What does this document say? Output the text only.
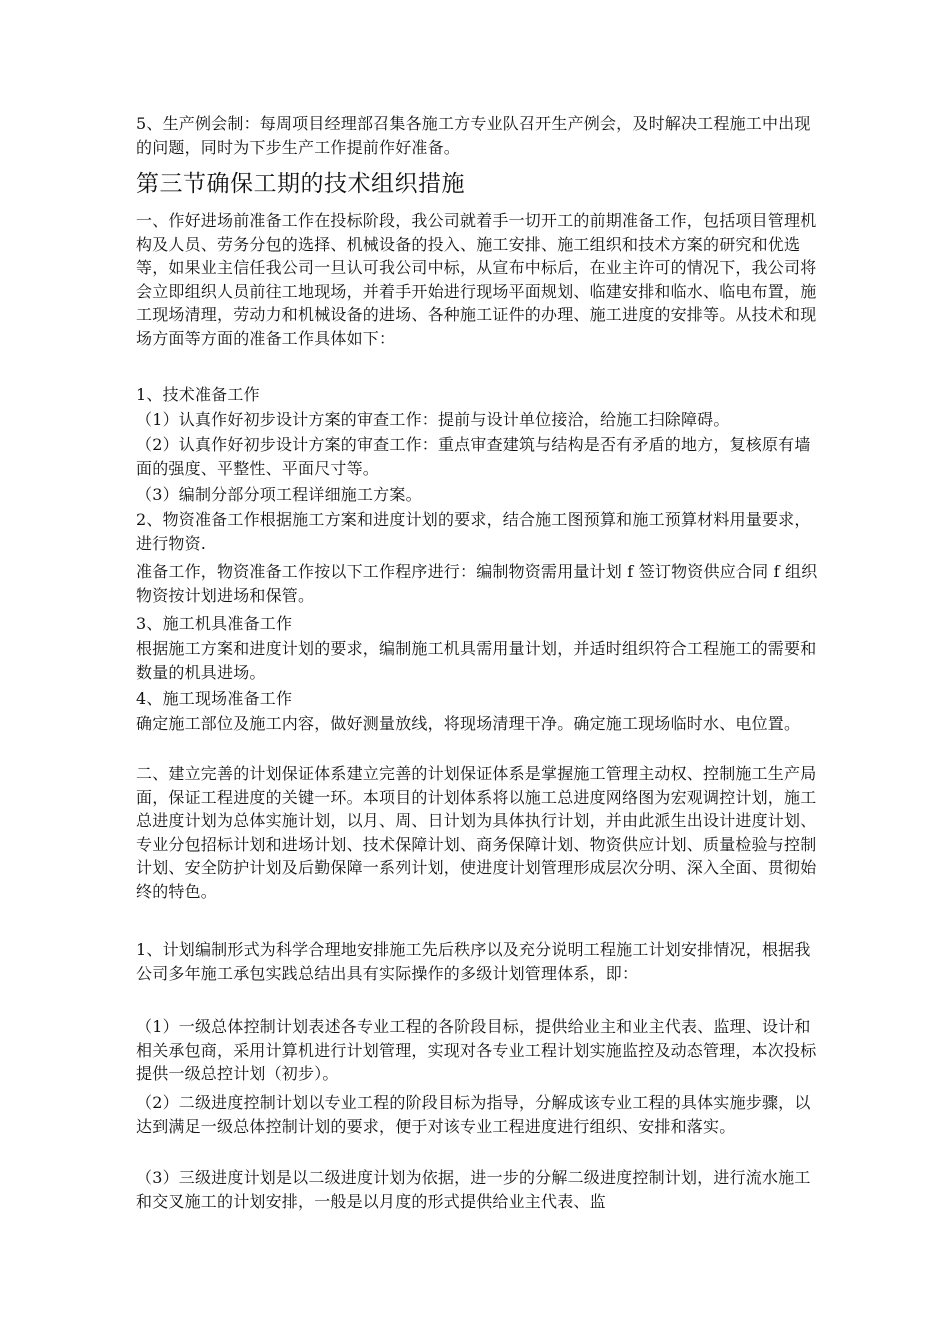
5、生产例会制：每周项目经理部召集各施工方专业队召开生产例会，及时解决工程施工中出现的问题，同时为下步生产工作提前作好准备。
第三节确保工期的技术组织措施
一、作好进场前准备工作在投标阶段，我公司就着手一切开工的前期准备工作，包括项目管理机构及人员、劳务分包的选择、机械设备的投入、施工安排、施工组织和技术方案的研究和优选等，如果业主信任我公司一旦认可我公司中标，从宣布中标后，在业主许可的情况下，我公司将会立即组织人员前往工地现场，并着手开始进行现场平面规划、临建安排和临水、临电布置，施工现场清理，劳动力和机械设备的进场、各种施工证件的办理、施工进度的安排等。从技术和现场方面等方面的准备工作具体如下：
1、技术准备工作
（1）认真作好初步设计方案的审查工作：提前与设计单位接洽，给施工扫除障碍。
（2）认真作好初步设计方案的审查工作：重点审查建筑与结构是否有矛盾的地方，复核原有墙面的强度、平整性、平面尺寸等。
（3）编制分部分项工程详细施工方案。
2、物资准备工作根据施工方案和进度计划的要求，结合施工图预算和施工预算材料用量要求，进行物资.
准备工作，物资准备工作按以下工作程序进行：编制物资需用量计划 f 签订物资供应合同 f 组织物资按计划进场和保管。
3、施工机具准备工作
根据施工方案和进度计划的要求，编制施工机具需用量计划，并适时组织符合工程施工的需要和数量的机具进场。
4、施工现场准备工作
确定施工部位及施工内容，做好测量放线，将现场清理干净。确定施工现场临时水、电位置。
二、建立完善的计划保证体系建立完善的计划保证体系是掌握施工管理主动权、控制施工生产局面，保证工程进度的关键一环。本项目的计划体系将以施工总进度网络图为宏观调控计划，施工总进度计划为总体实施计划，以月、周、日计划为具体执行计划，并由此派生出设计进度计划、专业分包招标计划和进场计划、技术保障计划、商务保障计划、物资供应计划、质量检验与控制计划、安全防护计划及后勤保障一系列计划，使进度计划管理形成层次分明、深入全面、贯彻始终的特色。
1、计划编制形式为科学合理地安排施工先后秩序以及充分说明工程施工计划安排情况，根据我公司多年施工承包实践总结出具有实际操作的多级计划管理体系，即：
（1）一级总体控制计划表述各专业工程的各阶段目标，提供给业主和业主代表、监理、设计和相关承包商，采用计算机进行计划管理，实现对各专业工程计划实施监控及动态管理，本次投标提供一级总控计划（初步）。
（2）二级进度控制计划以专业工程的阶段目标为指导，分解成该专业工程的具体实施步骤，以达到满足一级总体控制计划的要求，便于对该专业工程进度进行组织、安排和落实。
（3）三级进度计划是以二级进度计划为依据，进一步的分解二级进度控制计划，进行流水施工和交叉施工的计划安排，一般是以月度的形式提供给业主代表、监
